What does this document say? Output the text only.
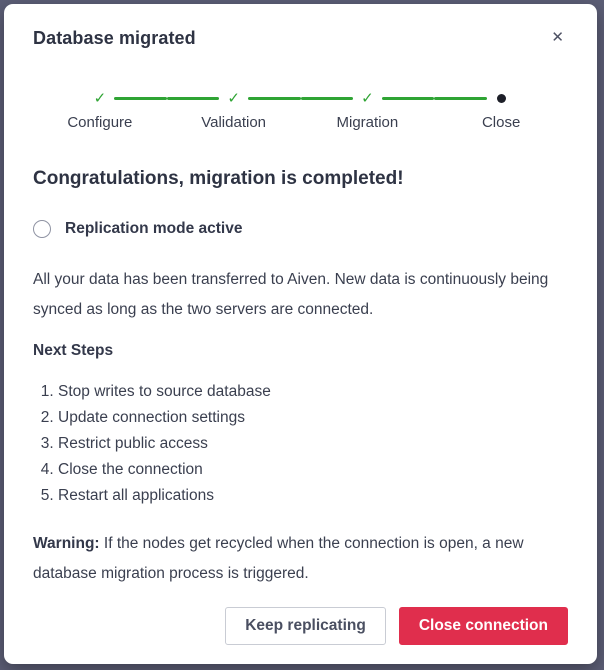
Database migrated	✕
✓
Configure
✓
Validation
✓
Migration	Close
Congratulations, migration is completed!
Replication mode active

All your data has been transferred to Aiven. New data is continuously being synced as long as the two servers are connected.

Next Steps
1. Stop writes to source database
2. Update connection settings
3. Restrict public access
4. Close the connection
5. Restart all applications

Warning: If the nodes get recycled when the connection is open, a new database migration process is triggered.

Keep replicating	Close connection
